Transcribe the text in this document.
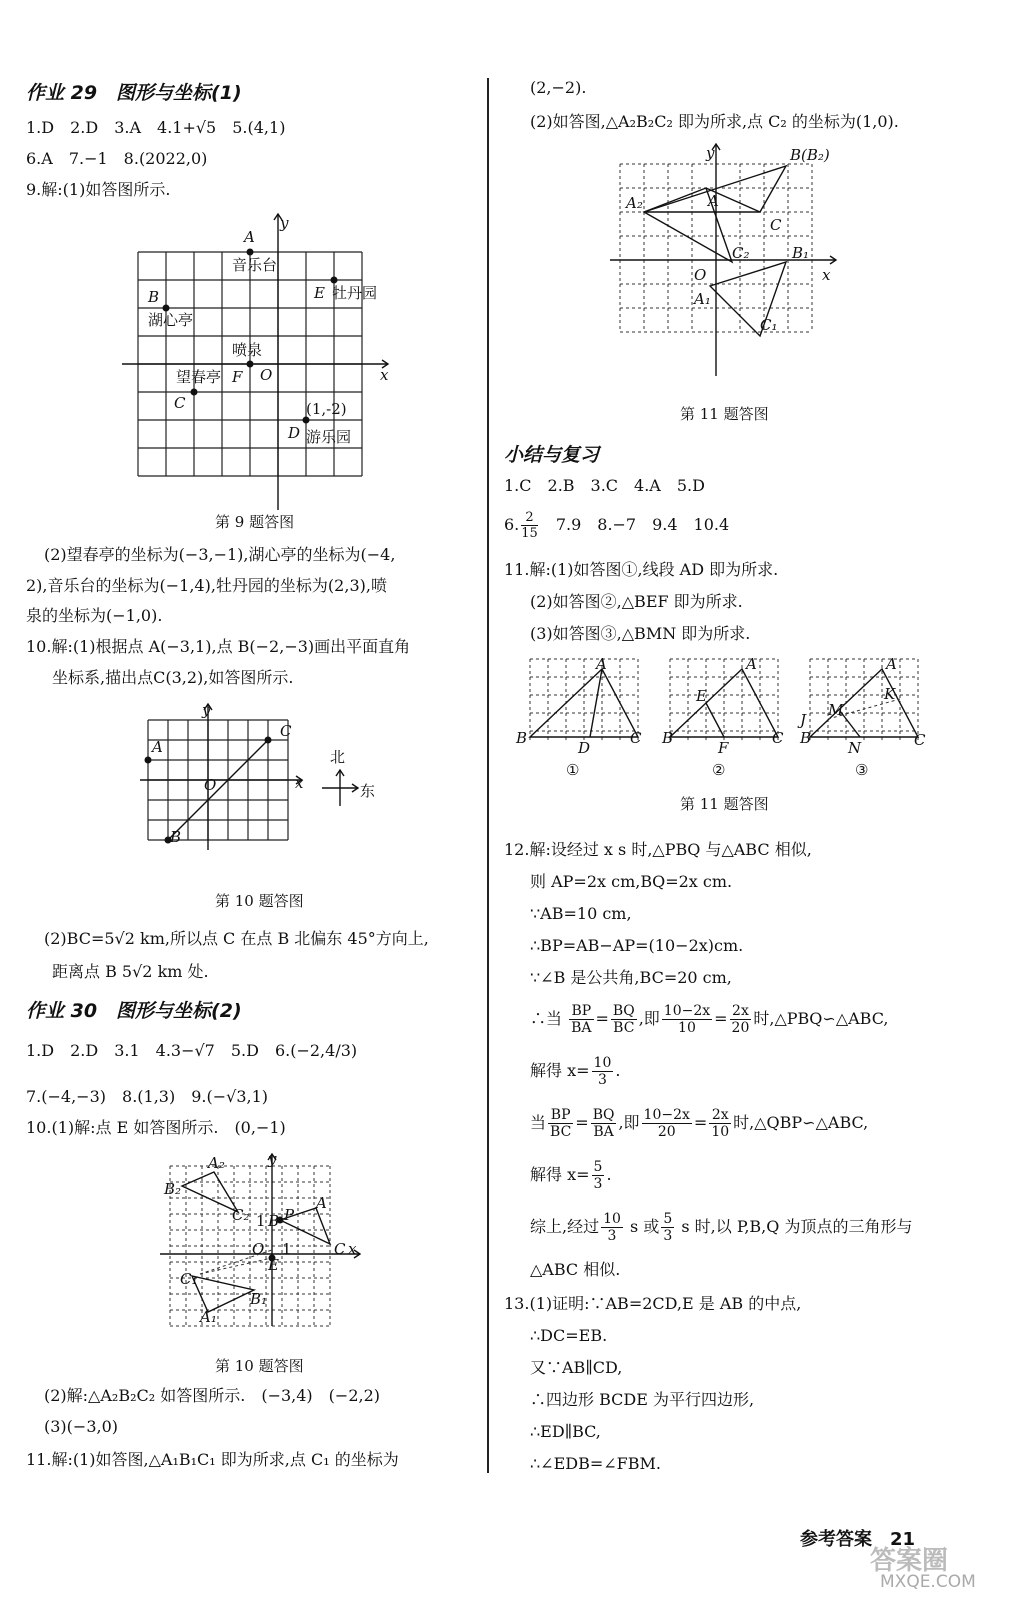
作业 29　图形与坐标(1)
1.D　2.D　3.A　4.1+√5　5.(4,1)
6.A　7.−1　8.(2022,0)
9.解:(1)如答图所示.
A
音乐台
B	E 牡丹园
湖心亭
喷泉
望春亭 F O
C	(1,-2)
D 游乐园
x
y
第 9 题答图
(2)望春亭的坐标为(−3,−1),湖心亭的坐标为(−4,
2),音乐台的坐标为(−1,4),牡丹园的坐标为(2,3),喷
泉的坐标为(−1,0).
10.解:(1)根据点 A(−3,1),点 B(−2,−3)画出平面直角
坐标系,描出点C(3,2),如答图所示.
y
C
A
O	x
B
北
东
第 10 题答图
(2)BC=5√2 km,所以点 C 在点 B 北偏东 45°方向上,
距离点 B 5√2 km 处.
作业 30　图形与坐标(2)
1.D　2.D　3.1　4.3−√7　5.D　6.(−2,4/3)
7.(−4,−3)　8.(1,3)　9.(−√3,1)
10.(1)解:点 E 如答图所示.　(0,−1)
A₂	y
B₂
A
C₂ 1 P
B
O 1	C x
C₁
E
B₁
A₁
第 10 题答图
(2)解:△A₂B₂C₂ 如答图所示.　(−3,4)　(−2,2)
(3)(−3,0)
11.解:(1)如答图,△A₁B₁C₁ 即为所求,点 C₁ 的坐标为
(2,−2).
(2)如答图,△A₂B₂C₂ 即为所求,点 C₂ 的坐标为(1,0).
y	B(B₂)
A₂	A
C
C₂	B₁
O	x
A₁
C₁
第 11 题答图
小结与复习
1.C　2.B　3.C　4.A　5.D
6. $\frac{2}{15}$ 　7.9　8.−7　9.4　10.4
11.解:(1)如答图①,线段 AD 即为所求.
(2)如答图②,△BEF 即为所求.
(3)如答图③,△BMN 即为所求.
A
B
D
C
①
A
E
B
F
C
②
A
J
M
K
B
N	C
③
第 11 题答图
12.解:设经过 x s 时,△PBQ 与△ABC 相似,
则 AP=2x cm,BQ=2x cm.
∵AB=10 cm,
∴BP=AB−AP=(10−2x)cm.
∵∠B 是公共角,BC=20 cm,
∴当 $\frac{BP}{BA} = \frac{BQ}{BC}$ ,即 $\frac{10-2x}{10} = \frac{2x}{20}$ 时,△PBQ∽△ABC,
解得 $x= \frac{10}{3}$ .
当 $\frac{BP}{BC} = \frac{BQ}{BA}$ ,即 $\frac{10-2x}{20} = \frac{2x}{10}$ 时,△QBP∽△ABC,
解得 $x= \frac{5}{3}$ .
综上,经过 $\frac{10}{3}$ s 或 $\frac{5}{3}$ s 时,以 P,B,Q 为顶点的三角形与
△ABC 相似.
13.(1)证明:∵AB=2CD,E 是 AB 的中点,
∴DC=EB.
又∵AB∥CD,
∴四边形 BCDE 为平行四边形,
∴ED∥BC,
∴∠EDB=∠FBM.
参考答案　21
答案圈
MXQE.COM
